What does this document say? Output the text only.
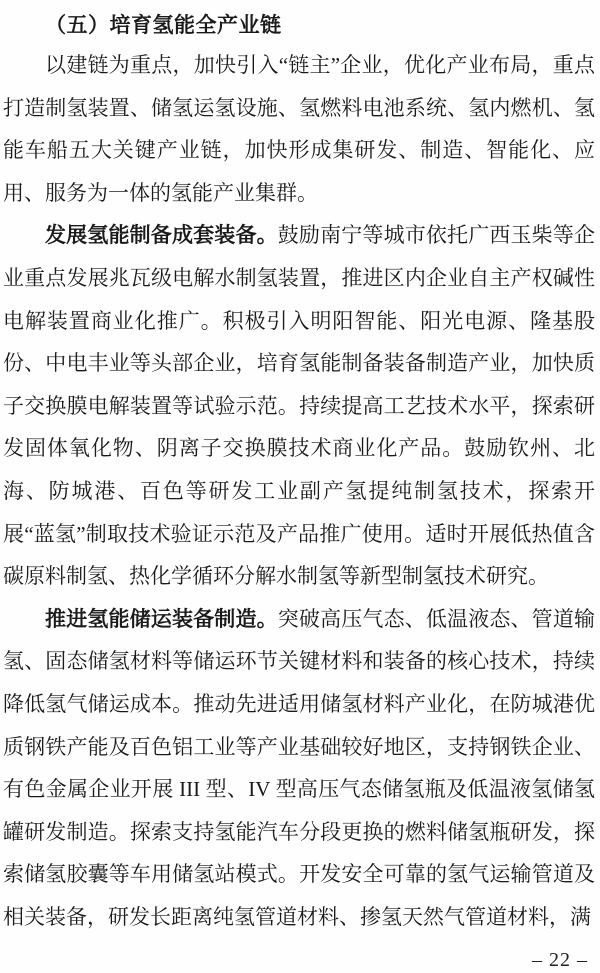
（五）培育氢能全产业链

以建链为重点，加快引入“链主”企业，优化产业布局，重点打造制氢装置、储氢运氢设施、氢燃料电池系统、氢内燃机、氢能车船五大关键产业链，加快形成集研发、制造、智能化、应用、服务为一体的氢能产业集群。

发展氢能制备成套装备。鼓励南宁等城市依托广西玉柴等企业重点发展兆瓦级电解水制氢装置，推进区内企业自主产权碱性电解装置商业化推广。积极引入明阳智能、阳光电源、隆基股份、中电丰业等头部企业，培育氢能制备装备制造产业，加快质子交换膜电解装置等试验示范。持续提高工艺技术水平，探索研发固体氧化物、阴离子交换膜技术商业化产品。鼓励钦州、北海、防城港、百色等研发工业副产氢提纯制氢技术，探索开展“蓝氢”制取技术验证示范及产品推广使用。适时开展低热值含碳原料制氢、热化学循环分解水制氢等新型制氢技术研究。

推进氢能储运装备制造。突破高压气态、低温液态、管道输氢、固态储氢材料等储运环节关键材料和装备的核心技术，持续降低氢气储运成本。推动先进适用储氢材料产业化，在防城港优质钢铁产能及百色铝工业等产业基础较好地区，支持钢铁企业、有色金属企业开展 III 型、IV 型高压气态储氢瓶及低温液氢储氢罐研发制造。探索支持氢能汽车分段更换的燃料储氢瓶研发，探索储氢胶囊等车用储氢站模式。开发安全可靠的氢气运输管道及相关装备，研发长距离纯氢管道材料、掺氢天然气管道材料，满

– 22 –
